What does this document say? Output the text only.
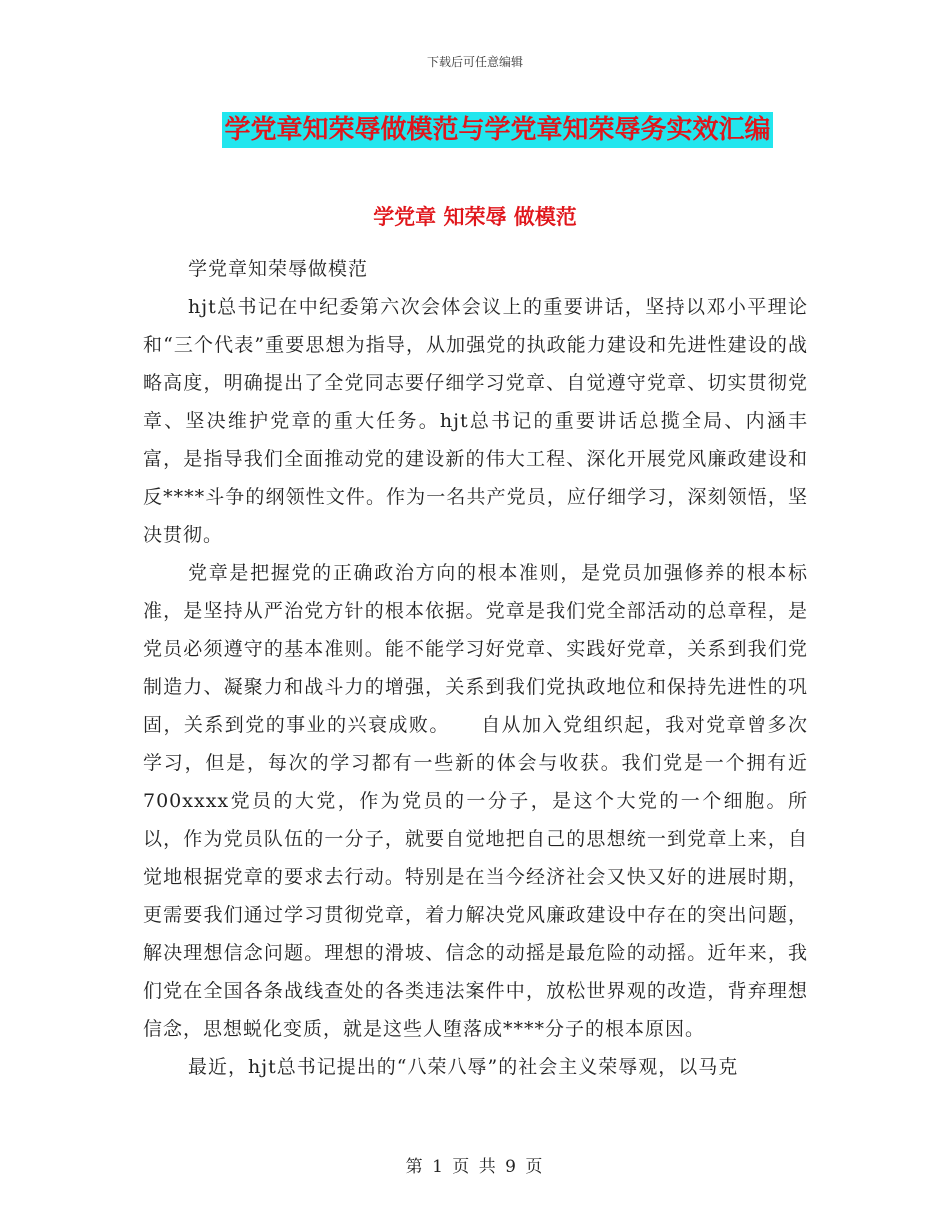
下载后可任意编辑
学党章知荣辱做模范与学党章知荣辱务实效汇编
学党章 知荣辱 做模范

学党章知荣辱做模范

hjt总书记在中纪委第六次会体会议上的重要讲话，坚持以邓小平理论和“三个代表”重要思想为指导，从加强党的执政能力建设和先进性建设的战略高度，明确提出了全党同志要仔细学习党章、自觉遵守党章、切实贯彻党章、坚决维护党章的重大任务。hjt总书记的重要讲话总揽全局、内涵丰富，是指导我们全面推动党的建设新的伟大工程、深化开展党风廉政建设和反****斗争的纲领性文件。作为一名共产党员，应仔细学习，深刻领悟，坚决贯彻。

党章是把握党的正确政治方向的根本准则，是党员加强修养的根本标准，是坚持从严治党方针的根本依据。党章是我们党全部活动的总章程，是党员必须遵守的基本准则。能不能学习好党章、实践好党章，关系到我们党制造力、凝聚力和战斗力的增强，关系到我们党执政地位和保持先进性的巩固，关系到党的事业的兴衰成败。　　自从加入党组织起，我对党章曾多次学习，但是，每次的学习都有一些新的体会与收获。我们党是一个拥有近700xxxx党员的大党，作为党员的一分子，是这个大党的一个细胞。所以，作为党员队伍的一分子，就要自觉地把自己的思想统一到党章上来，自觉地根据党章的要求去行动。特别是在当今经济社会又快又好的进展时期，更需要我们通过学习贯彻党章，着力解决党风廉政建设中存在的突出问题，解决理想信念问题。理想的滑坡、信念的动摇是最危险的动摇。近年来，我们党在全国各条战线查处的各类违法案件中，放松世界观的改造，背弃理想信念，思想蜕化变质，就是这些人堕落成****分子的根本原因。

最近，hjt总书记提出的“八荣八辱”的社会主义荣辱观，以马克

第 1 页 共 9 页
